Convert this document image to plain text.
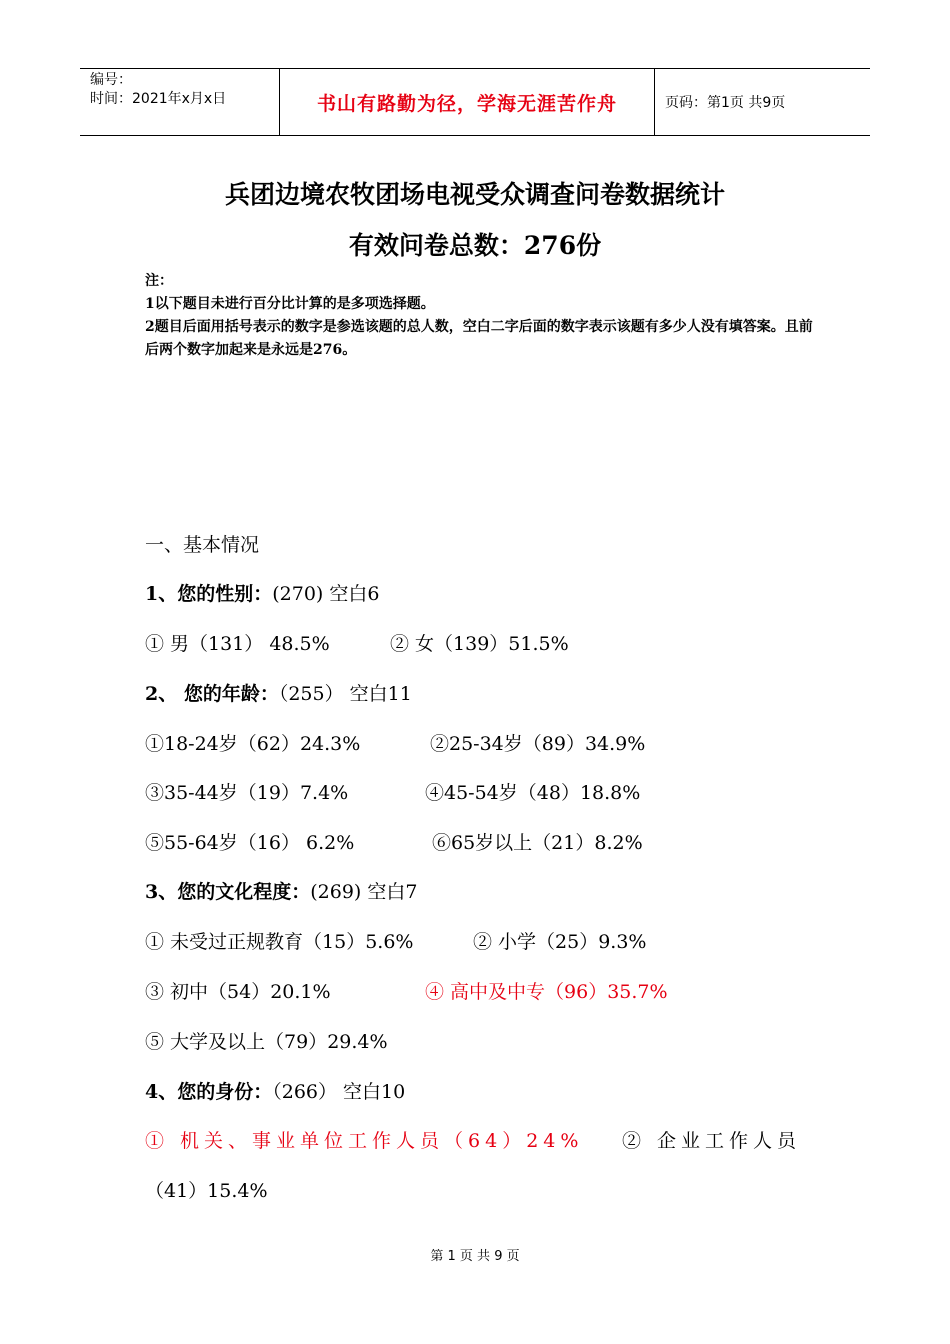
编号：
时间：2021年x月x日	书山有路勤为径，学海无涯苦作舟	页码：第1页 共9页
兵团边境农牧团场电视受众调查问卷数据统计
有效问卷总数：276份

注：

1以下题目未进行百分比计算的是多项选择题。

2题目后面用括号表示的数字是参选该题的总人数，空白二字后面的数字表示该题有多少人没有填答案。且前后两个数字加起来是永远是276。

一、基本情况
1、您的性别：(270) 空白6
① 男（131） 48.5%	② 女（139）51.5%
2、 您的年龄：（255） 空白11
①18-24岁（62）24.3%	②25-34岁（89）34.9%
③35-44岁（19）7.4%	④45-54岁（48）18.8%
⑤55-64岁（16） 6.2%	⑥65岁以上（21）8.2%
3、您的文化程度：(269) 空白7
① 未受过正规教育（15）5.6%	② 小学（25）9.3%
③ 初中（54）20.1%	④ 高中及中专（96）35.7%
⑤ 大学及以上（79）29.4%
4、您的身份：（266） 空白10
① 机关、事业单位工作人员（64）24% ② 企业工作人员
（41）15.4%
第 1 页 共 9 页
